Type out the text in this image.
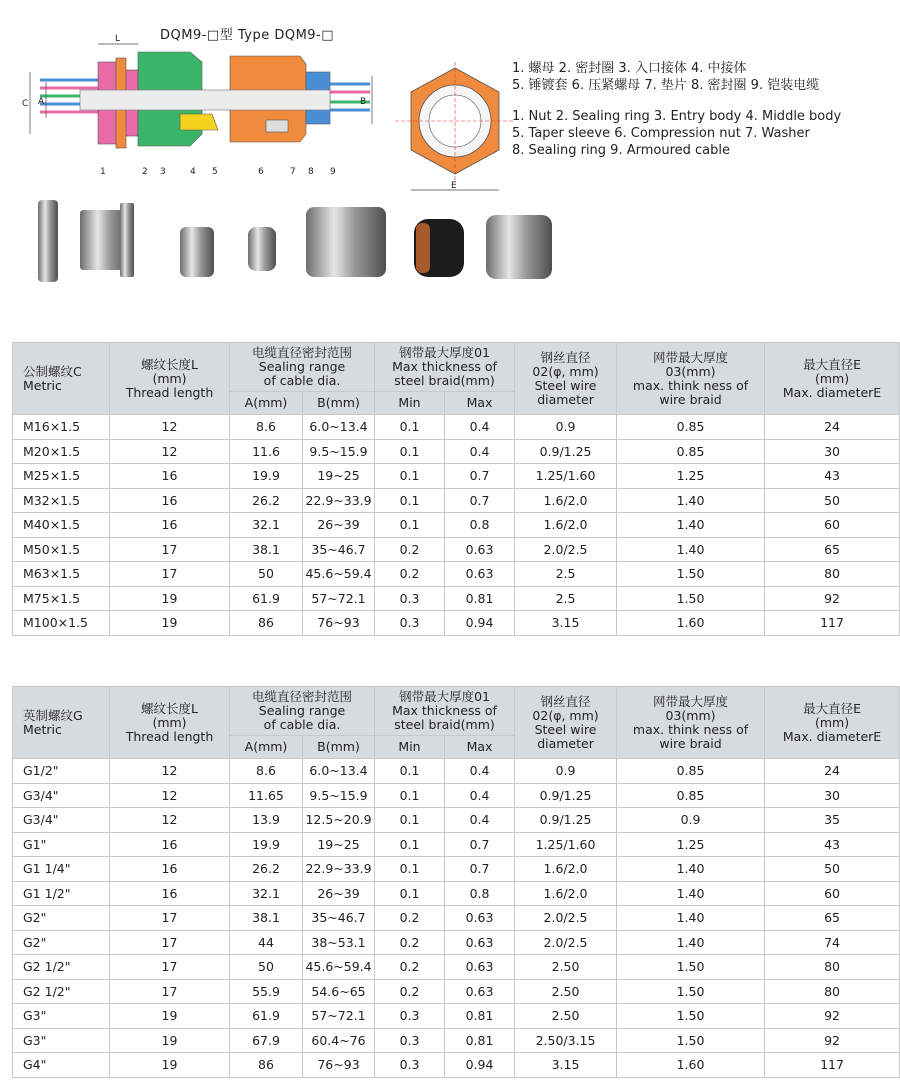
DQM9-□型 Type DQM9-□
L
C A	B
1	2 3	4 5	6	7 8 9
E
1. 螺母 2. 密封圈 3. 入口接体 4. 中接体
5. 锤镀套 6. 压紧螺母 7. 垫片 8. 密封圈 9. 铠装电缆
1. Nut 2. Sealing ring 3. Entry body 4. Middle body
5. Taper sleeve 6. Compression nut 7. Washer
8. Sealing ring 9. Armoured cable
公制螺纹C
Metric	螺纹长度L
(mm)
Thread length	电缆直径密封范围
Sealing range
of cable dia.		钢带最大厚度01
Max thickness of
steel braid(mm)		钢丝直径
02(φ, mm)
Steel wire
diameter	网带最大厚度
03(mm)
max. think ness of
wire braid	最大直径E
(mm)
Max. diameterE
		A(mm)	B(mm)	Min	Max			
M16×1.5	12	8.6	6.0~13.4	0.1	0.4	0.9	0.85	24
M20×1.5	12	11.6	9.5~15.9	0.1	0.4	0.9/1.25	0.85	30
M25×1.5	16	19.9	19~25	0.1	0.7	1.25/1.60	1.25	43
M32×1.5	16	26.2	22.9~33.9	0.1	0.7	1.6/2.0	1.40	50
M40×1.5	16	32.1	26~39	0.1	0.8	1.6/2.0	1.40	60
M50×1.5	17	38.1	35~46.7	0.2	0.63	2.0/2.5	1.40	65
M63×1.5	17	50	45.6~59.4	0.2	0.63	2.5	1.50	80
M75×1.5	19	61.9	57~72.1	0.3	0.81	2.5	1.50	92
M100×1.5	19	86	76~93	0.3	0.94	3.15	1.60	117
英制螺纹G
Metric	螺纹长度L
(mm)
Thread length	电缆直径密封范围
Sealing range
of cable dia.		钢带最大厚度01
Max thickness of
steel braid(mm)		钢丝直径
02(φ, mm)
Steel wire
diameter	网带最大厚度
03(mm)
max. think ness of
wire braid	最大直径E
(mm)
Max. diameterE
		A(mm)	B(mm)	Min	Max			
G1/2"	12	8.6	6.0~13.4	0.1	0.4	0.9	0.85	24
G3/4"	12	11.65	9.5~15.9	0.1	0.4	0.9/1.25	0.85	30
G3/4"	12	13.9	12.5~20.9	0.1	0.4	0.9/1.25	0.9	35
G1"	16	19.9	19~25	0.1	0.7	1.25/1.60	1.25	43
G1 1/4"	16	26.2	22.9~33.9	0.1	0.7	1.6/2.0	1.40	50
G1 1/2"	16	32.1	26~39	0.1	0.8	1.6/2.0	1.40	60
G2"	17	38.1	35~46.7	0.2	0.63	2.0/2.5	1.40	65
G2"	17	44	38~53.1	0.2	0.63	2.0/2.5	1.40	74
G2 1/2"	17	50	45.6~59.4	0.2	0.63	2.50	1.50	80
G2 1/2"	17	55.9	54.6~65	0.2	0.63	2.50	1.50	80
G3"	19	61.9	57~72.1	0.3	0.81	2.50	1.50	92
G3"	19	67.9	60.4~76	0.3	0.81	2.50/3.15	1.50	92
G4"	19	86	76~93	0.3	0.94	3.15	1.60	117
